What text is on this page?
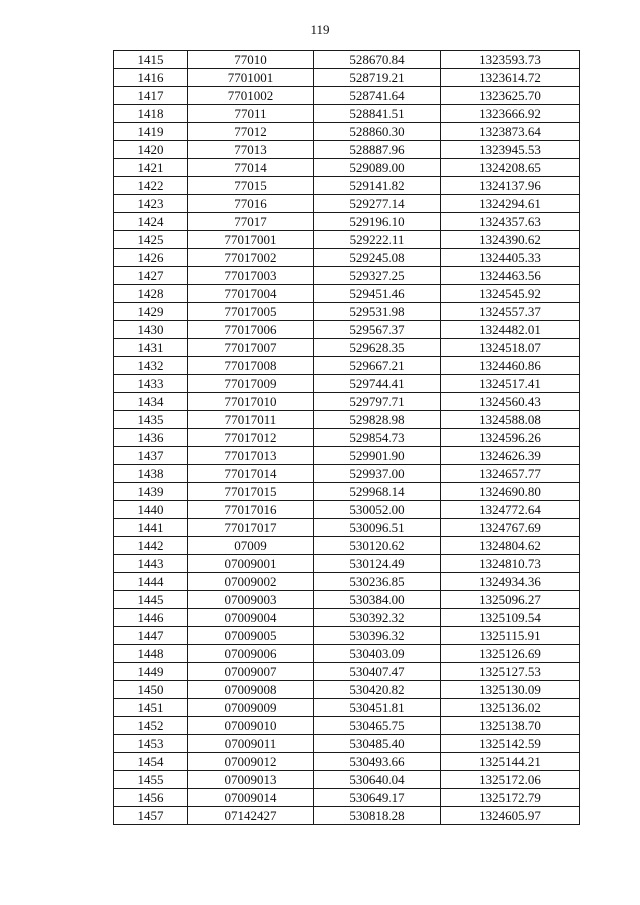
119
1415	77010	528670.84	1323593.73
1416	7701001	528719.21	1323614.72
1417	7701002	528741.64	1323625.70
1418	77011	528841.51	1323666.92
1419	77012	528860.30	1323873.64
1420	77013	528887.96	1323945.53
1421	77014	529089.00	1324208.65
1422	77015	529141.82	1324137.96
1423	77016	529277.14	1324294.61
1424	77017	529196.10	1324357.63
1425	77017001	529222.11	1324390.62
1426	77017002	529245.08	1324405.33
1427	77017003	529327.25	1324463.56
1428	77017004	529451.46	1324545.92
1429	77017005	529531.98	1324557.37
1430	77017006	529567.37	1324482.01
1431	77017007	529628.35	1324518.07
1432	77017008	529667.21	1324460.86
1433	77017009	529744.41	1324517.41
1434	77017010	529797.71	1324560.43
1435	77017011	529828.98	1324588.08
1436	77017012	529854.73	1324596.26
1437	77017013	529901.90	1324626.39
1438	77017014	529937.00	1324657.77
1439	77017015	529968.14	1324690.80
1440	77017016	530052.00	1324772.64
1441	77017017	530096.51	1324767.69
1442	07009	530120.62	1324804.62
1443	07009001	530124.49	1324810.73
1444	07009002	530236.85	1324934.36
1445	07009003	530384.00	1325096.27
1446	07009004	530392.32	1325109.54
1447	07009005	530396.32	1325115.91
1448	07009006	530403.09	1325126.69
1449	07009007	530407.47	1325127.53
1450	07009008	530420.82	1325130.09
1451	07009009	530451.81	1325136.02
1452	07009010	530465.75	1325138.70
1453	07009011	530485.40	1325142.59
1454	07009012	530493.66	1325144.21
1455	07009013	530640.04	1325172.06
1456	07009014	530649.17	1325172.79
1457	07142427	530818.28	1324605.97
